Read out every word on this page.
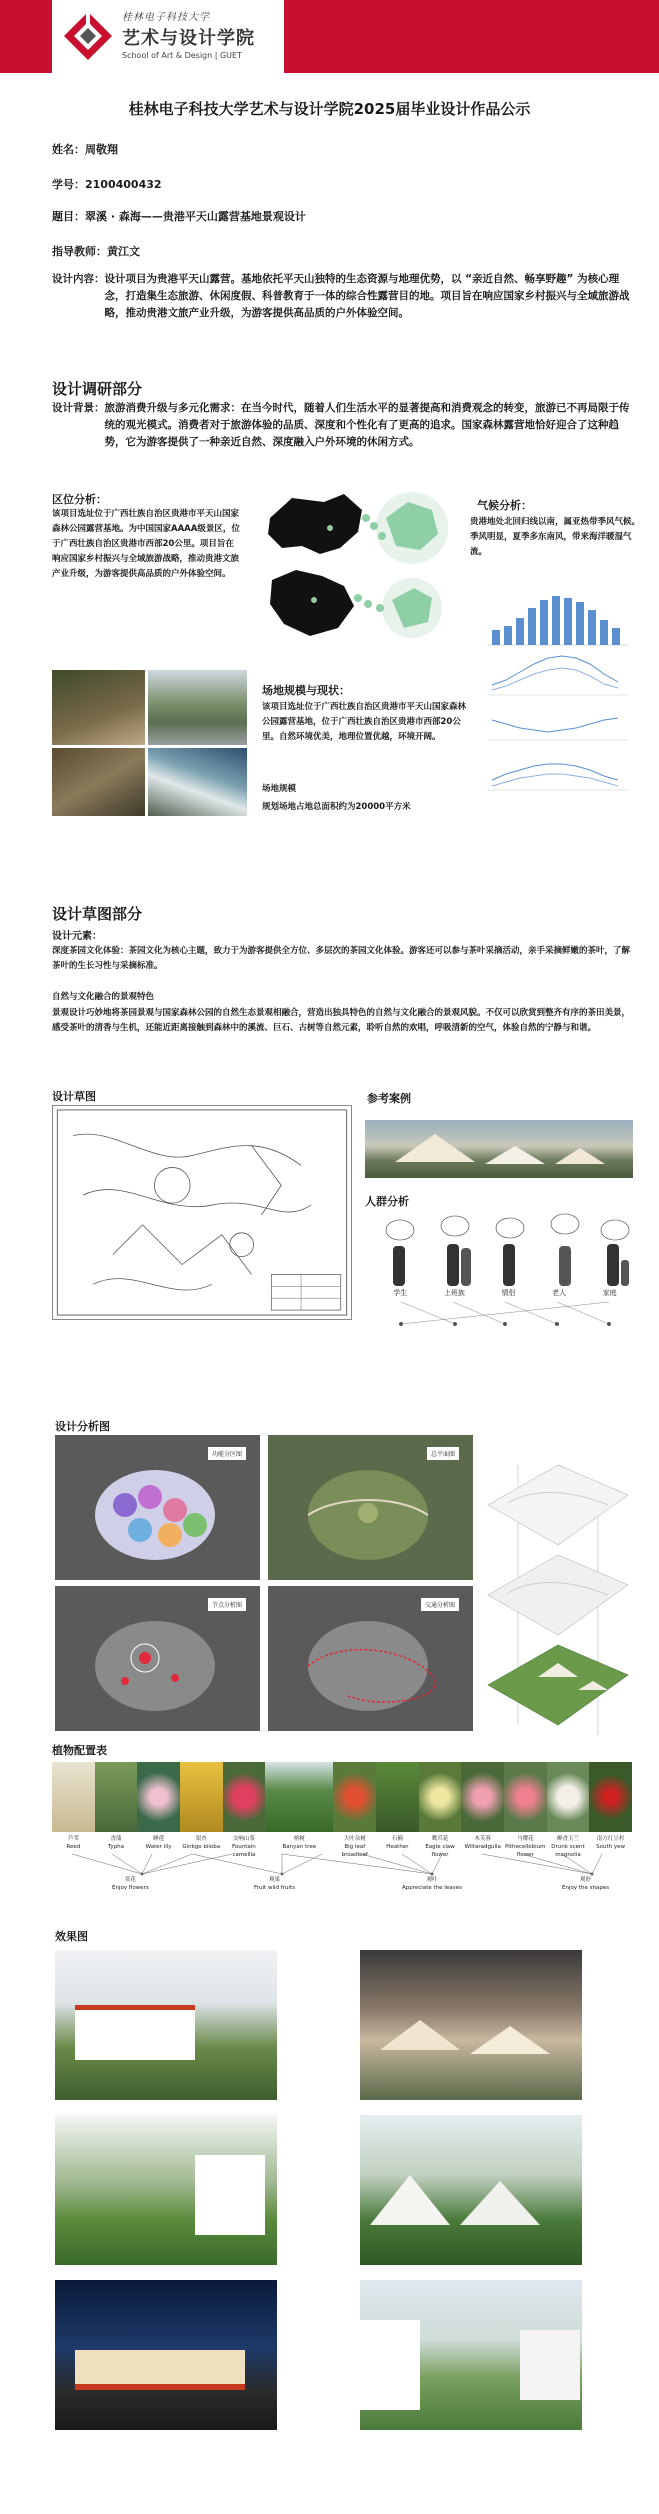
桂林电子科技大学
艺术与设计学院
School of Art & Design | GUET
桂林电子科技大学艺术与设计学院2025届毕业设计作品公示
姓名：周敬翔
学号：2100400432
题目：翠溪 · 森海——贵港平天山露营基地景观设计
指导教师：黄江文
设计内容： 设计项目为贵港平天山露营。基地依托平天山独特的生态资源与地理优势，以 “亲近自然、畅享野趣” 为核心理念，打造集生态旅游、休闲度假、科普教育于一体的综合性露营目的地。项目旨在响应国家乡村振兴与全域旅游战略，推动贵港文旅产业升级，为游客提供高品质的户外体验空间。
设计调研部分
设计背景： 旅游消费升级与多元化需求：在当今时代，随着人们生活水平的显著提高和消费观念的转变，旅游已不再局限于传统的观光模式。消费者对于旅游体验的品质、深度和个性化有了更高的追求。国家森林露营地恰好迎合了这种趋势，它为游客提供了一种亲近自然、深度融入户外环境的休闲方式。
区位分析：
该项目选址位于广西壮族自治区贵港市平天山国家森林公园露营基地。为中国国家AAAA级景区，位于广西壮族自治区贵港市西部20公里。项目旨在响应国家乡村振兴与全域旅游战略，推动贵港文旅产业升级，为游客提供高品质的户外体验空间。
气候分析：
贵港地处北回归线以南，属亚热带季风气候。季风明显，夏季多东南风，带来海洋暖湿气流。
场地规模与现状：
该项目选址位于广西壮族自治区贵港市平天山国家森林公园露营基地，位于广西壮族自治区贵港市西部20公里。自然环境优美，地理位置优越，环境开阔。
场地规模
规划场地占地总面积约为20000平方米
设计草图部分
设计元素：
深度茶园文化体验：茶园文化为核心主题，致力于为游客提供全方位、多层次的茶园文化体验。游客还可以参与茶叶采摘活动，亲手采摘鲜嫩的茶叶，了解茶叶的生长习性与采摘标准。
自然与文化融合的景观特色
景观设计巧妙地将茶园景观与国家森林公园的自然生态景观相融合，营造出独具特色的自然与文化融合的景观风貌。不仅可以欣赏到整齐有序的茶田美景，感受茶叶的清香与生机，还能近距离接触到森林中的溪流、巨石、古树等自然元素，聆听自然的欢唱，呼吸清新的空气，体验自然的宁静与和谐。
设计草图	参考案例
人群分析
学生	上班族	情侣	老人	家庭
设计分析图
功能分区图	总平面图
节点分析图	交通分析图
植物配置表
芦苇
Reed
香蒲
Typha
睡莲
Water lily
银杏
Ginkgo biloba
交响山茶
Fountain camellia
榕树
Banyan tree
大叶杂树
Big leaf broadleaf
石楠
Heather
鹰爪花
Eagle claw flower
木芙蓉
Wiltaradgulla
马缨花
Pithecellobium flower
醉香玉兰
Drunk scent magnolia
南方红豆杉
South yew
赏花
Enjoy flowers
观果
Fruit wild fruits
观叶
Appreciate the leaves
观形
Enjoy the shapes
效果图
